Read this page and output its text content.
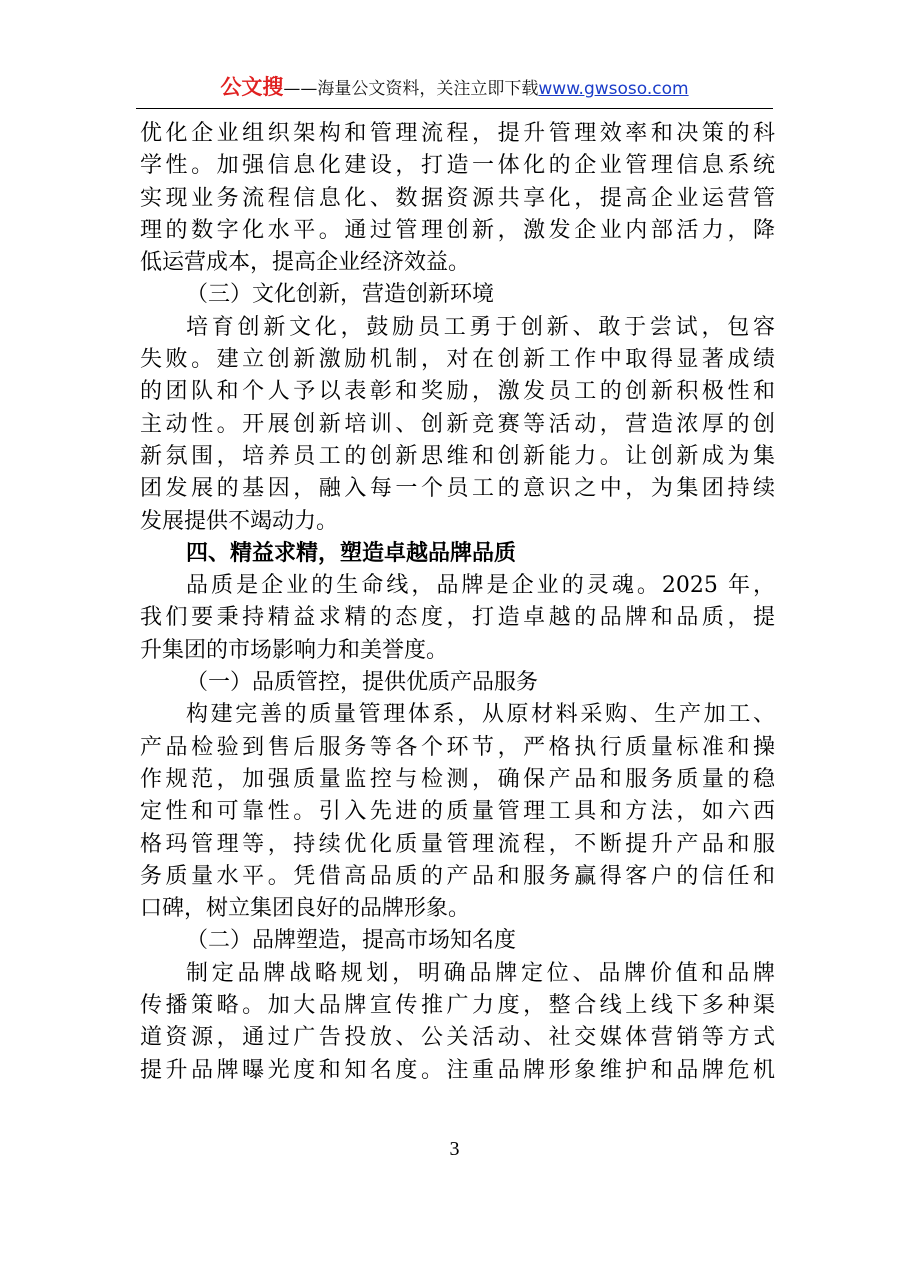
公文搜——海量公文资料，关注立即下载www.gwsoso.com
优化企业组织架构和管理流程，提升管理效率和决策的科
学性。加强信息化建设，打造一体化的企业管理信息系统
实现业务流程信息化、数据资源共享化，提高企业运营管
理的数字化水平。通过管理创新，激发企业内部活力，降
低运营成本，提高企业经济效益。
（三）文化创新，营造创新环境
培育创新文化，鼓励员工勇于创新、敢于尝试，包容
失败。建立创新激励机制，对在创新工作中取得显著成绩
的团队和个人予以表彰和奖励，激发员工的创新积极性和
主动性。开展创新培训、创新竞赛等活动，营造浓厚的创
新氛围，培养员工的创新思维和创新能力。让创新成为集
团发展的基因，融入每一个员工的意识之中，为集团持续
发展提供不竭动力。
四、精益求精，塑造卓越品牌品质
品质是企业的生命线，品牌是企业的灵魂。2025 年，
我们要秉持精益求精的态度，打造卓越的品牌和品质，提
升集团的市场影响力和美誉度。
（一）品质管控，提供优质产品服务
构建完善的质量管理体系，从原材料采购、生产加工、
产品检验到售后服务等各个环节，严格执行质量标准和操
作规范，加强质量监控与检测，确保产品和服务质量的稳
定性和可靠性。引入先进的质量管理工具和方法，如六西
格玛管理等，持续优化质量管理流程，不断提升产品和服
务质量水平。凭借高品质的产品和服务赢得客户的信任和
口碑，树立集团良好的品牌形象。
（二）品牌塑造，提高市场知名度
制定品牌战略规划，明确品牌定位、品牌价值和品牌
传播策略。加大品牌宣传推广力度，整合线上线下多种渠
道资源，通过广告投放、公关活动、社交媒体营销等方式
提升品牌曝光度和知名度。注重品牌形象维护和品牌危机
3
